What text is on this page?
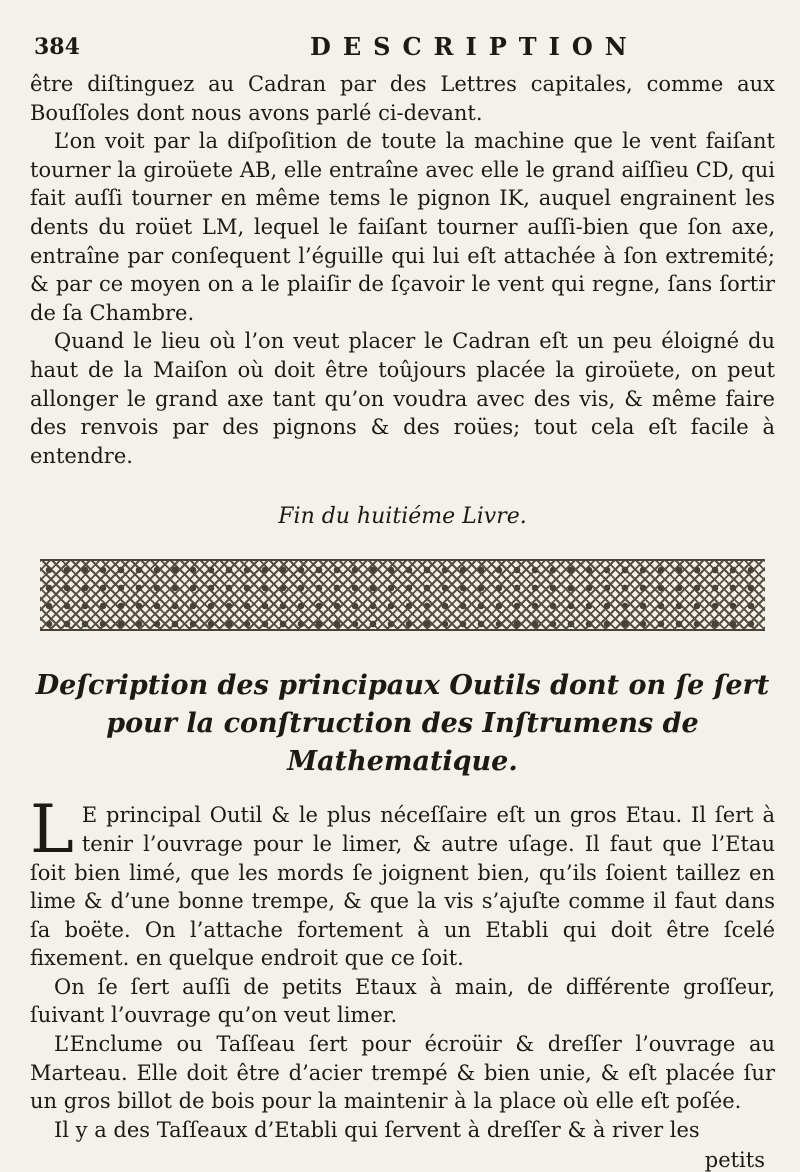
384	DESCRIPTION

être diſtinguez au Cadran par des Lettres capitales, comme aux Bouſſoles dont nous avons parlé ci-devant.

L’on voit par la diſpoſition de toute la machine que le vent faiſant tourner la giroüete AB, elle entraîne avec elle le grand aiſſieu CD, qui fait auſſi tourner en même tems le pignon IK, auquel engrainent les dents du roüet LM, lequel le faiſant tourner auſſi-bien que ſon axe, entraîne par conſequent l’éguille qui lui eſt attachée à ſon extremité; & par ce moyen on a le plaiſir de ſçavoir le vent qui regne, ſans ſortir de ſa Chambre.

Quand le lieu où l’on veut placer le Cadran eſt un peu éloigné du haut de la Maiſon où doit être toûjours placée la giroüete, on peut allonger le grand axe tant qu’on voudra avec des vis, & même faire des renvois par des pignons & des roües; tout cela eſt facile à entendre.

Fin du huitiéme Livre.
Deſcription des principaux Outils dont on ſe ſert pour la conſtruction des Inſtrumens de Mathematique.

L E principal Outil & le plus néceſſaire eſt un gros Etau. Il ſert à tenir l’ouvrage pour le limer, & autre uſage. Il faut que l’Etau ſoit bien limé, que les mords ſe joignent bien, qu’ils ſoient taillez en lime & d’une bonne trempe, & que la vis s’ajuſte comme il faut dans ſa boëte. On l’attache fortement à un Etabli qui doit être ſcelé fixement. en quelque endroit que ce ſoit.

On ſe ſert auſſi de petits Etaux à main, de différente groſſeur, ſuivant l’ouvrage qu’on veut limer.

L’Enclume ou Taſſeau ſert pour écroüir & dreſſer l’ouvrage au Marteau. Elle doit être d’acier trempé & bien unie, & eſt placée ſur un gros billot de bois pour la maintenir à la place où elle eſt poſée.

Il y a des Taſſeaux d’Etabli qui ſervent à dreſſer & à river les

petits
